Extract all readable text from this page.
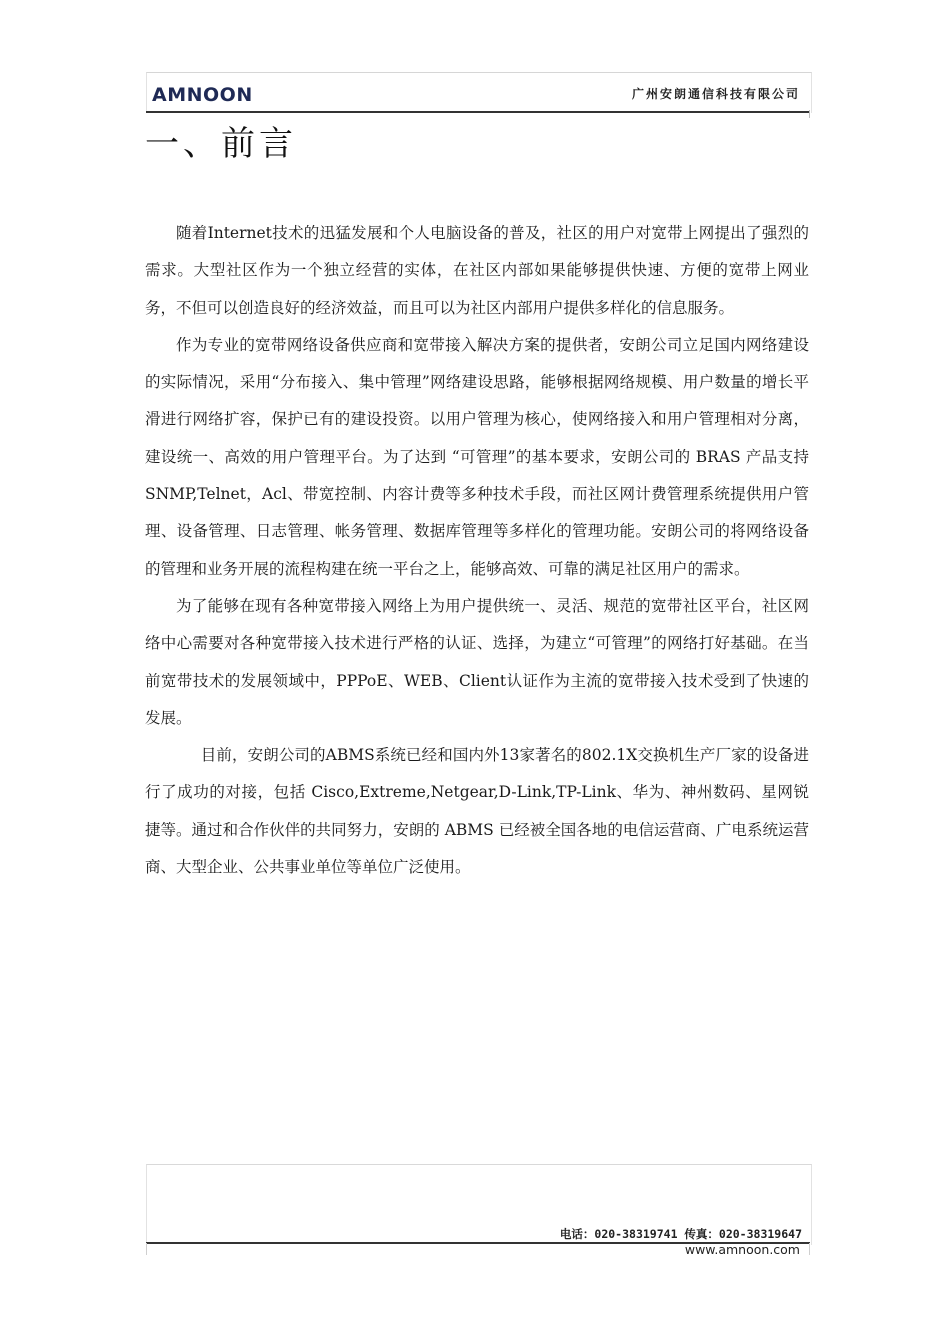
AMNOON	广州安朗通信科技有限公司
一、前言

随着Internet技术的迅猛发展和个人电脑设备的普及，社区的用户对宽带上网提出了强烈的需求。大型社区作为一个独立经营的实体，在社区内部如果能够提供快速、方便的宽带上网业务，不但可以创造良好的经济效益，而且可以为社区内部用户提供多样化的信息服务。

作为专业的宽带网络设备供应商和宽带接入解决方案的提供者，安朗公司立足国内网络建设的实际情况，采用“分布接入、集中管理”网络建设思路，能够根据网络规模、用户数量的增长平滑进行网络扩容，保护已有的建设投资。以用户管理为核心，使网络接入和用户管理相对分离，建设统一、高效的用户管理平台。为了达到 “可管理”的基本要求，安朗公司的 BRAS 产品支持 SNMP,Telnet，Acl、带宽控制、内容计费等多种技术手段，而社区网计费管理系统提供用户管理、设备管理、日志管理、帐务管理、数据库管理等多样化的管理功能。安朗公司的将网络设备的管理和业务开展的流程构建在统一平台之上，能够高效、可靠的满足社区用户的需求。

为了能够在现有各种宽带接入网络上为用户提供统一、灵活、规范的宽带社区平台，社区网络中心需要对各种宽带接入技术进行严格的认证、选择，为建立“可管理”的网络打好基础。在当前宽带技术的发展领域中，PPPoE、WEB、Client认证作为主流的宽带接入技术受到了快速的发展。

目前，安朗公司的ABMS系统已经和国内外13家著名的802.1X交换机生产厂家的设备进行了成功的对接，包括 Cisco,Extreme,Netgear,D-Link,TP-Link、华为、神州数码、星网锐捷等。通过和合作伙伴的共同努力，安朗的 ABMS 已经被全国各地的电信运营商、广电系统运营商、大型企业、公共事业单位等单位广泛使用。

电话：020-38319741 传真：020-38319647
www.amnoon.com
